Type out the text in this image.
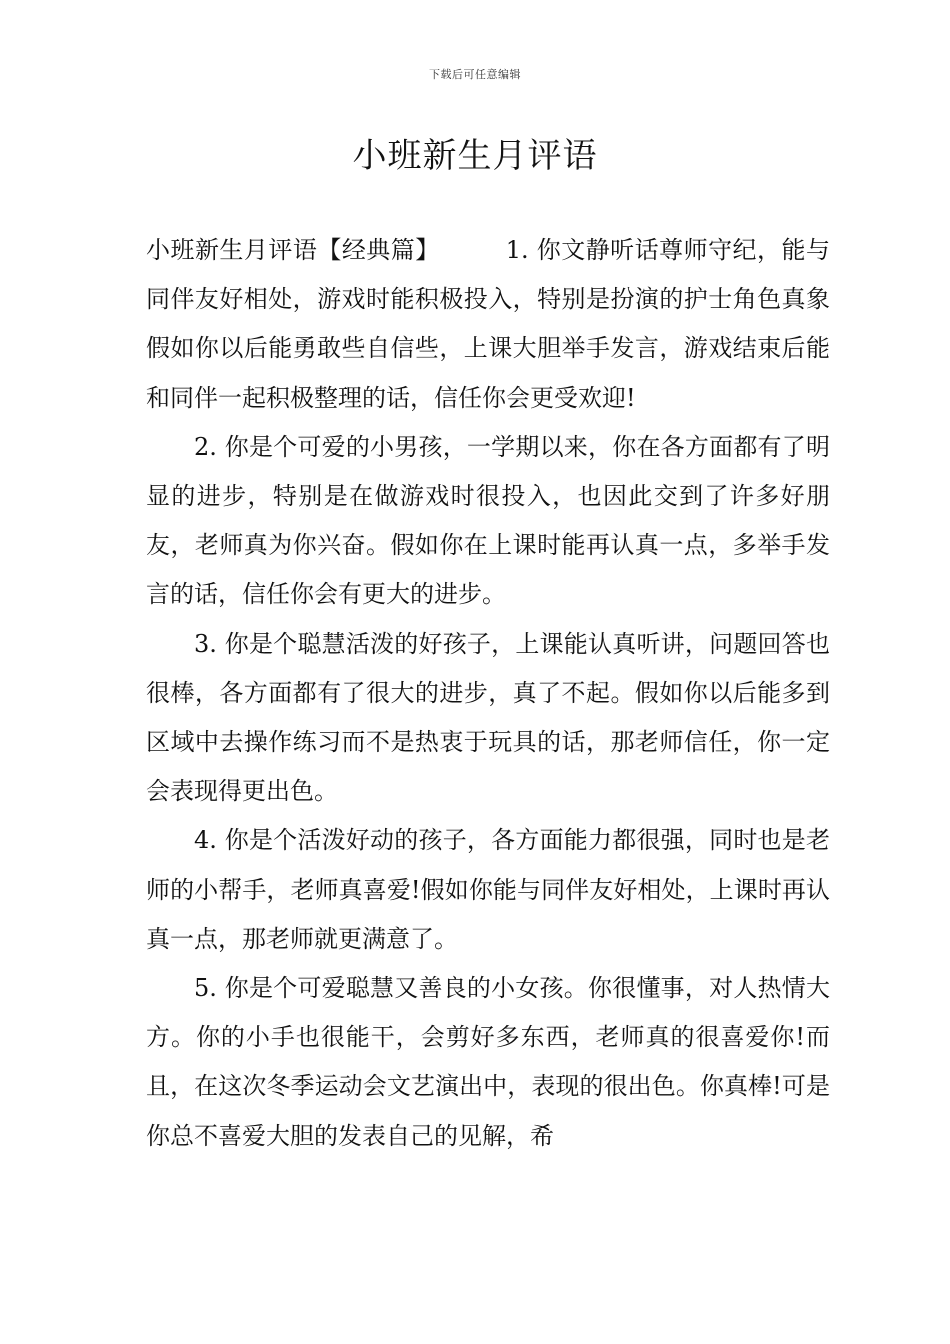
下载后可任意编辑
小班新生月评语

小班新生月评语【经典篇】	1. 你文静听话尊师守纪，能与同伴友好相处，游戏时能积极投入，特别是扮演的护士角色真象假如你以后能勇敢些自信些，上课大胆举手发言，游戏结束后能和同伴一起积极整理的话，信任你会更受欢迎!

2. 你是个可爱的小男孩，一学期以来，你在各方面都有了明显的进步，特别是在做游戏时很投入，也因此交到了许多好朋友，老师真为你兴奋。假如你在上课时能再认真一点，多举手发言的话，信任你会有更大的进步。

3. 你是个聪慧活泼的好孩子，上课能认真听讲，问题回答也很棒，各方面都有了很大的进步，真了不起。假如你以后能多到区域中去操作练习而不是热衷于玩具的话，那老师信任，你一定会表现得更出色。

4. 你是个活泼好动的孩子，各方面能力都很强，同时也是老师的小帮手，老师真喜爱!假如你能与同伴友好相处，上课时再认真一点，那老师就更满意了。

5. 你是个可爱聪慧又善良的小女孩。你很懂事，对人热情大方。你的小手也很能干，会剪好多东西，老师真的很喜爱你!而且，在这次冬季运动会文艺演出中，表现的很出色。你真棒!可是你总不喜爱大胆的发表自己的见解，希
